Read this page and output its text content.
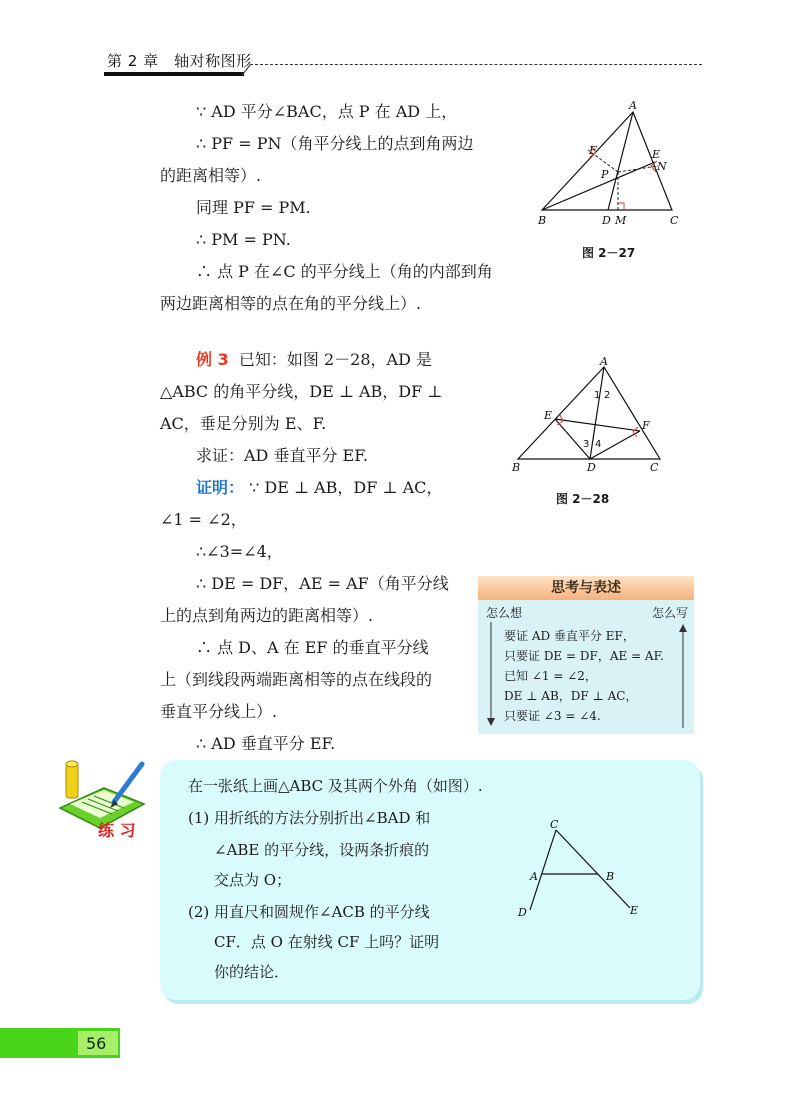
第 2 章　轴对称图形
∵ AD 平分∠BAC，点 P 在 AD 上，
∴ PF = PN（角平分线上的点到角两边
的距离相等）.
同理 PF = PM.
∴ PM = PN.
∴ 点 P 在∠C 的平分线上（角的内部到角
两边距离相等的点在角的平分线上）.
A
B	C
D M
P
F	E
N
图 2－27
例 3 已知：如图 2－28，AD 是
△ABC 的角平分线，DE ⊥ AB，DF ⊥
AC，垂足分别为 E、F.
求证：AD 垂直平分 EF.
证明： ∵ DE ⊥ AB，DF ⊥ AC，
∠1 = ∠2，
∴∠3=∠4，
∴ DE = DF，AE = AF（角平分线
上的点到角两边的距离相等）.
∴ 点 D、A 在 EF 的垂直平分线
上（到线段两端距离相等的点在线段的
垂直平分线上）.
∴ AD 垂直平分 EF.
A
B	C
D
E
F
1 2
3 4
图 2－28
思考与表述
怎么想	怎么写
要证 AD 垂直平分 EF，
只要证 DE = DF，AE = AF.
已知 ∠1 = ∠2，
DE ⊥ AB，DF ⊥ AC，
只要证 ∠3 = ∠4.
练 习
在一张纸上画△ABC 及其两个外角（如图）.
(1) 用折纸的方法分别折出∠BAD 和
∠ABE 的平分线，设两条折痕的
交点为 O；
(2) 用直尺和圆规作∠ACB 的平分线
CF．点 O 在射线 CF 上吗？证明
你的结论．
C
A	B
D	E
56
